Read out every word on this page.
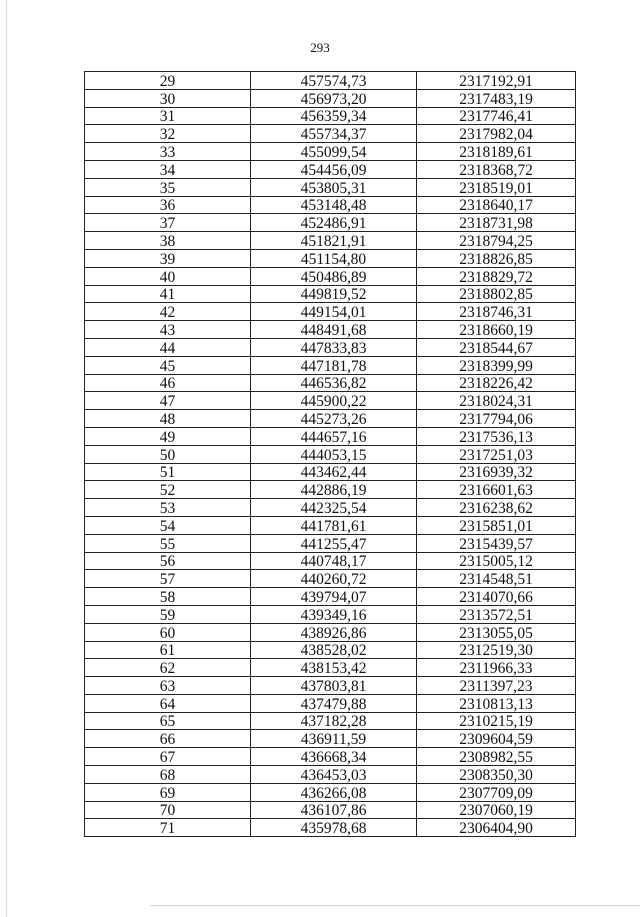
293
29	457574,73	2317192,91
30	456973,20	2317483,19
31	456359,34	2317746,41
32	455734,37	2317982,04
33	455099,54	2318189,61
34	454456,09	2318368,72
35	453805,31	2318519,01
36	453148,48	2318640,17
37	452486,91	2318731,98
38	451821,91	2318794,25
39	451154,80	2318826,85
40	450486,89	2318829,72
41	449819,52	2318802,85
42	449154,01	2318746,31
43	448491,68	2318660,19
44	447833,83	2318544,67
45	447181,78	2318399,99
46	446536,82	2318226,42
47	445900,22	2318024,31
48	445273,26	2317794,06
49	444657,16	2317536,13
50	444053,15	2317251,03
51	443462,44	2316939,32
52	442886,19	2316601,63
53	442325,54	2316238,62
54	441781,61	2315851,01
55	441255,47	2315439,57
56	440748,17	2315005,12
57	440260,72	2314548,51
58	439794,07	2314070,66
59	439349,16	2313572,51
60	438926,86	2313055,05
61	438528,02	2312519,30
62	438153,42	2311966,33
63	437803,81	2311397,23
64	437479,88	2310813,13
65	437182,28	2310215,19
66	436911,59	2309604,59
67	436668,34	2308982,55
68	436453,03	2308350,30
69	436266,08	2307709,09
70	436107,86	2307060,19
71	435978,68	2306404,90
